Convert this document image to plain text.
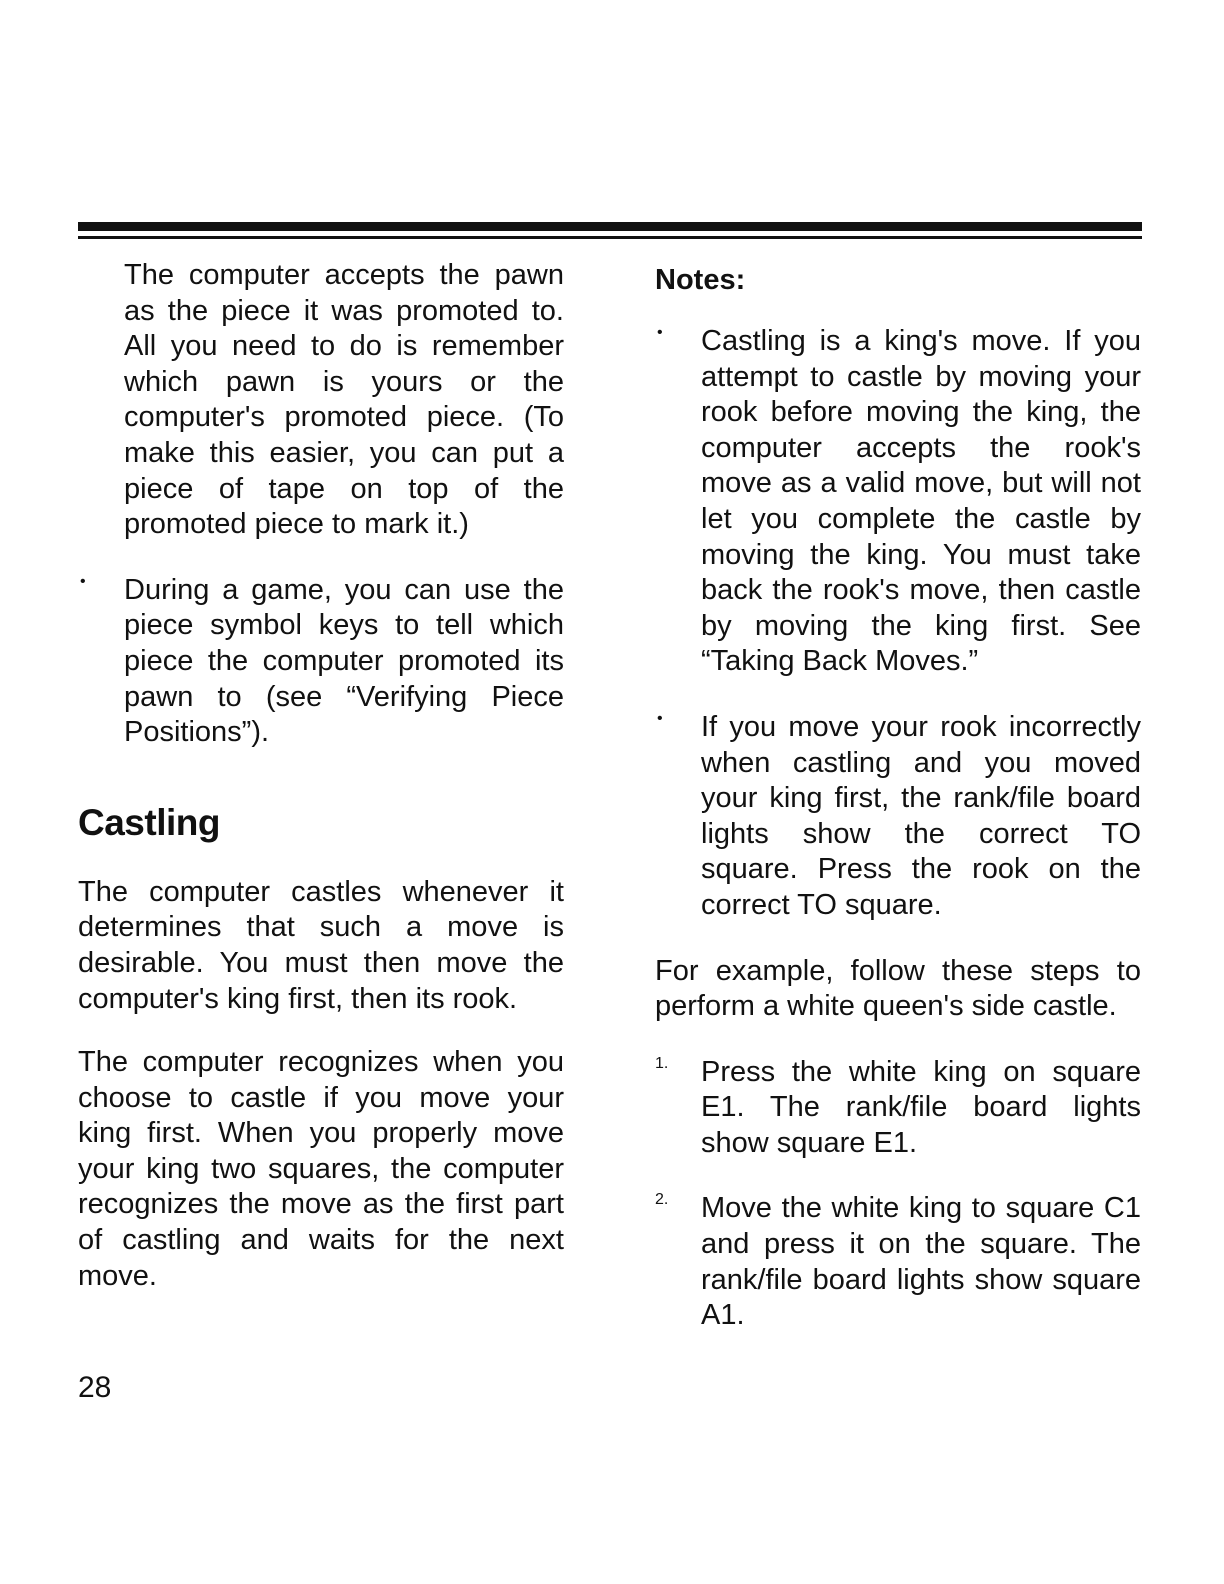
The computer accepts the pawn as the piece it was promoted to. All you need to do is remember which pawn is yours or the computer's promoted piece. (To make this easier, you can put a piece of tape on top of the promoted piece to mark it.)

• During a game, you can use the piece symbol keys to tell which piece the computer promoted its pawn to (see “Verifying Piece Positions”).

Castling

The computer castles whenever it determines that such a move is desirable. You must then move the computer's king first, then its rook.

The computer recognizes when you choose to castle if you move your king first. When you properly move your king two squares, the computer recognizes the move as the first part of castling and waits for the next move.

Notes:
• Castling is a king's move. If you attempt to castle by moving your rook before moving the king, the computer accepts the rook's move as a valid move, but will not let you complete the castle by moving the king. You must take back the rook's move, then castle by moving the king first. See “Taking Back Moves.”

• If you move your rook incorrectly when castling and you moved your king first, the rank/file board lights show the correct TO square. Press the rook on the correct TO square.

For example, follow these steps to perform a white queen's side castle.

1. Press the white king on square E1. The rank/file board lights show square E1.

2. Move the white king to square C1 and press it on the square. The rank/file board lights show square A1.

28
